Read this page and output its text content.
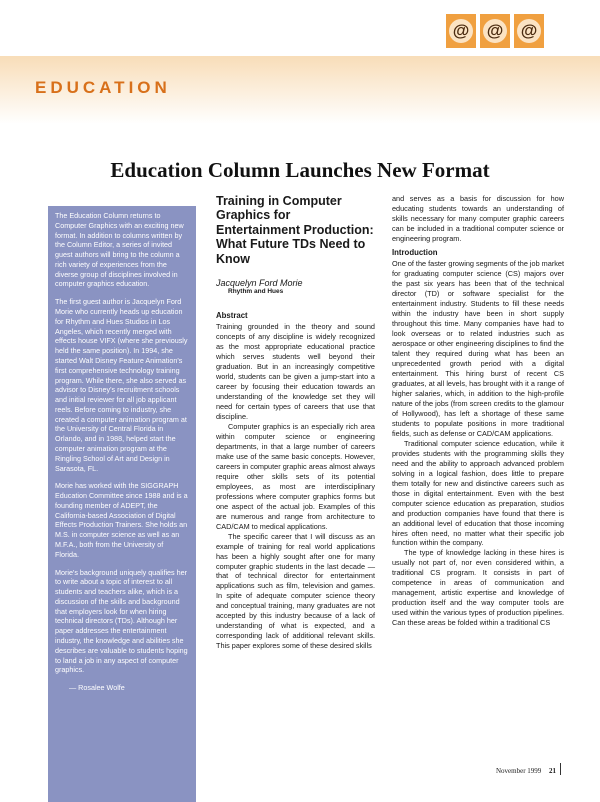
@ @ @
EDUCATION
Education Column Launches New Format

The Education Column returns to Computer Graphics with an exciting new format. In addition to columns written by the Column Editor, a series of invited guest authors will bring to the column a rich variety of experiences from the diverse group of disciplines involved in computer graphics education.

The first guest author is Jacquelyn Ford Morie who currently heads up education for Rhythm and Hues Studios in Los Angeles, which recently merged with effects house VIFX (where she previously held the same position). In 1994, she started Walt Disney Feature Animation's first comprehensive technology training program. While there, she also served as advisor to Disney's recruitment schools and initial reviewer for all job applicant reels. Before coming to industry, she created a computer animation program at the University of Central Florida in Orlando, and in 1988, helped start the computer animation program at the Ringling School of Art and Design in Sarasota, FL.

Morie has worked with the SIGGRAPH Education Committee since 1988 and is a founding member of ADEPT, the California-based Association of Digital Effects Production Trainers. She holds an M.S. in computer science as well as an M.F.A., both from the University of Florida.

Morie's background uniquely qualifies her to write about a topic of interest to all students and teachers alike, which is a discussion of the skills and background that employers look for when hiring technical directors (TDs). Although her paper addresses the entertainment industry, the knowledge and abilities she describes are valuable to students hoping to land a job in any aspect of computer graphics.

— Rosalee Wolfe

Training in Computer Graphics for Entertainment Production: What Future TDs Need to Know

Jacquelyn Ford Morie

Rhythm and Hues

Abstract

Training grounded in the theory and sound concepts of any discipline is widely recognized as the most appropriate educational practice which serves students well beyond their graduation. But in an increasingly competitive world, students can be given a jump-start into a career by focusing their education towards an understanding of the knowledge set they will need for certain types of careers that use that discipline.

Computer graphics is an especially rich area within computer science or engineering departments, in that a large number of careers make use of the same basic concepts. However, careers in computer graphic areas almost always require other skills sets of its potential employees, as most are interdisciplinary professions where computer graphics forms but one aspect of the actual job. Examples of this are numerous and range from architecture to CAD/CAM to medical applications.

The specific career that I will discuss as an example of training for real world applications has been a highly sought after one for many computer graphic students in the last decade — that of technical director for entertainment applications such as film, television and games. In spite of adequate computer science theory and conceptual training, many graduates are not accepted by this industry because of a lack of understanding of what is expected, and a corresponding lack of additional relevant skills. This paper explores some of these desired skills

and serves as a basis for discussion for how educating students towards an understanding of skills necessary for many computer graphic careers can be included in a traditional computer science or engineering program.

Introduction

One of the faster growing segments of the job market for graduating computer science (CS) majors over the past six years has been that of the technical director (TD) or software specialist for the entertainment industry. Students to fill these needs within the industry have been in short supply throughout this time. Many companies have had to look overseas or to related industries such as aerospace or other engineering disciplines to find the talent they required during what has been an unprecedented growth period with a digital entertainment. This hiring burst of recent CS graduates, at all levels, has brought with it a range of higher salaries, which, in addition to the high-profile nature of the jobs (from screen credits to the glamour of Hollywood), has left a shortage of these same students to populate positions in more traditional fields, such as defense or CAD/CAM applications.

Traditional computer science education, while it provides students with the programming skills they need and the ability to approach advanced problem solving in a logical fashion, does little to prepare them totally for new and distinctive careers such as those in digital entertainment. Even with the best computer science education as preparation, studios and production companies have found that there is an additional level of education that those incoming hires often need, no matter what their specific job function within the company.

The type of knowledge lacking in these hires is usually not part of, nor even considered within, a traditional CS program. It consists in part of competence in areas of communication and management, artistic expertise and knowledge of production itself and the way computer tools are used within the various types of production pipelines. Can these areas be folded within a traditional CS

November 1999 21
